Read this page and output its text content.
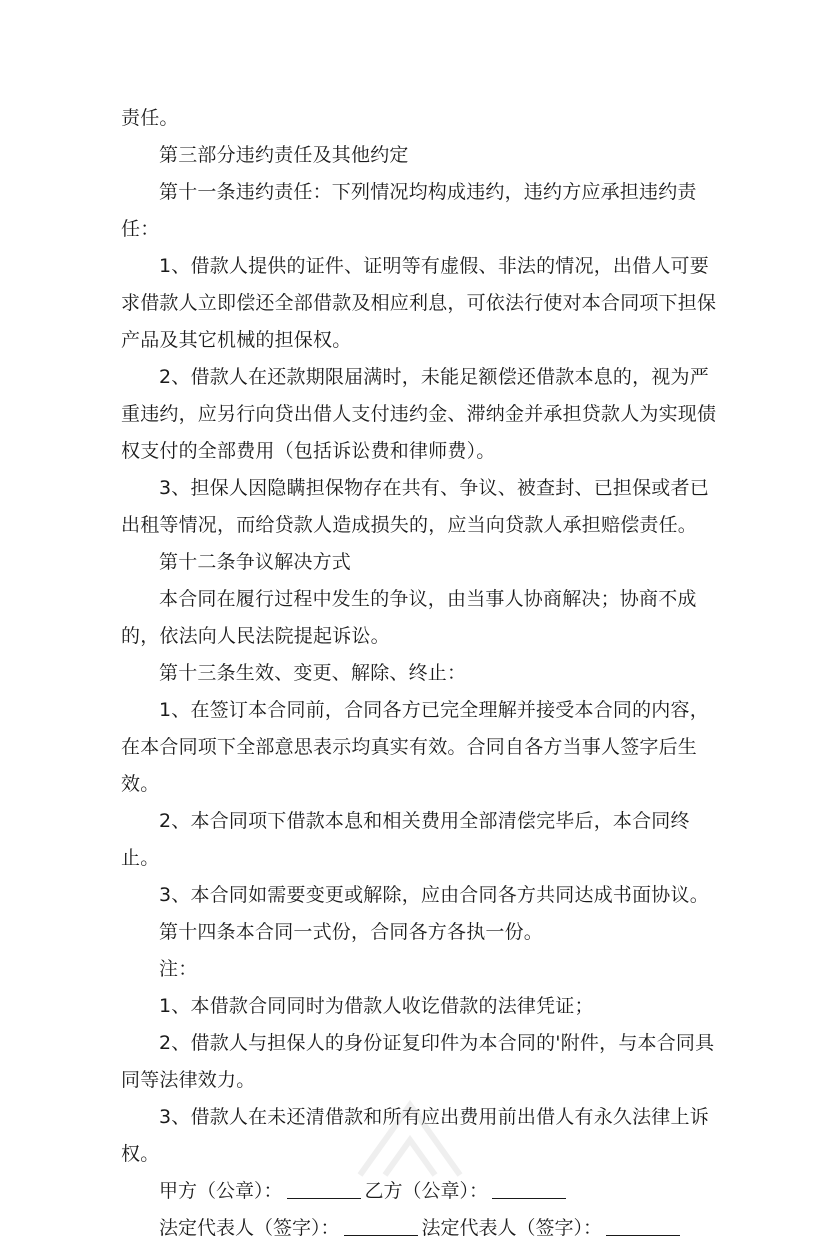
责任。

第三部分违约责任及其他约定

第十一条违约责任：下列情况均构成违约，违约方应承担违约责任：

1、借款人提供的证件、证明等有虚假、非法的情况，出借人可要求借款人立即偿还全部借款及相应利息，可依法行使对本合同项下担保产品及其它机械的担保权。

2、借款人在还款期限届满时，未能足额偿还借款本息的，视为严重违约，应另行向贷出借人支付违约金、滞纳金并承担贷款人为实现债权支付的全部费用（包括诉讼费和律师费）。

3、担保人因隐瞒担保物存在共有、争议、被查封、已担保或者已出租等情况，而给贷款人造成损失的，应当向贷款人承担赔偿责任。

第十二条争议解决方式

本合同在履行过程中发生的争议，由当事人协商解决；协商不成的，依法向人民法院提起诉讼。

第十三条生效、变更、解除、终止：

1、在签订本合同前，合同各方已完全理解并接受本合同的内容，在本合同项下全部意思表示均真实有效。合同自各方当事人签字后生效。

2、本合同项下借款本息和相关费用全部清偿完毕后，本合同终止。

3、本合同如需要变更或解除，应由合同各方共同达成书面协议。

第十四条本合同一式份，合同各方各执一份。

注：

1、本借款合同同时为借款人收讫借款的法律凭证；

2、借款人与担保人的身份证复印件为本合同的'附件，与本合同具同等法律效力。

3、借款人在未还清借款和所有应出费用前出借人有永久法律上诉权。

甲方（公章）：	乙方（公章）：

法定代表人（签字）：	法定代表人（签字）：
